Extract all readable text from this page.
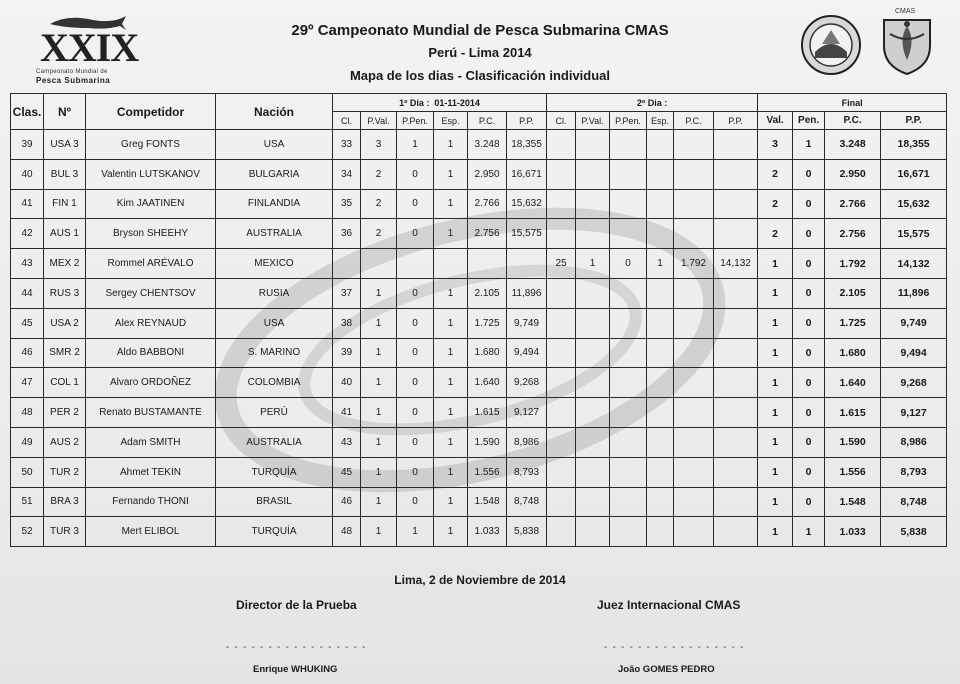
XXIX
Campeonato Mundial de
Pesca Submarina
CMAS
29º Campeonato Mundial de Pesca Submarina CMAS
Perú - Lima 2014
Mapa de los dias - Clasificación individual
Clas.	Nº	Competidor	Nación	1º Dia : 01-11-2014						2º Dia :						Final			
				Cl.	P.Val.	P.Pen.	Esp.	P.C.	P.P.	Cl.	P.Val.	P.Pen.	Esp.	P.C.	P.P.	Val.	Pen.	P.C.	P.P.
39	USA 3	Greg FONTS	USA	33	3	1	1	3.248	18,355							3	1	3.248	18,355
40	BUL 3	Valentin LUTSKANOV	BULGARIA	34	2	0	1	2.950	16,671							2	0	2.950	16,671
41	FIN 1	Kim JAATINEN	FINLANDIA	35	2	0	1	2.766	15,632							2	0	2.766	15,632
42	AUS 1	Bryson SHEEHY	AUSTRALIA	36	2	0	1	2.756	15,575							2	0	2.756	15,575
43	MEX 2	Rommel ARÉVALO	MEXICO							25	1	0	1	1.792	14,132	1	0	1.792	14,132
44	RUS 3	Sergey CHENTSOV	RUSIA	37	1	0	1	2.105	11,896							1	0	2.105	11,896
45	USA 2	Alex REYNAUD	USA	38	1	0	1	1.725	9,749							1	0	1.725	9,749
46	SMR 2	Aldo BABBONI	S. MARINO	39	1	0	1	1.680	9,494							1	0	1.680	9,494
47	COL 1	Alvaro ORDOÑEZ	COLOMBIA	40	1	0	1	1.640	9,268							1	0	1.640	9,268
48	PER 2	Renato BUSTAMANTE	PERÚ	41	1	0	1	1.615	9,127							1	0	1.615	9,127
49	AUS 2	Adam SMITH	AUSTRALIA	43	1	0	1	1.590	8,986							1	0	1.590	8,986
50	TUR 2	Ahmet TEKIN	TURQUÍA	45	1	0	1	1.556	8,793							1	0	1.556	8,793
51	BRA 3	Fernando THONI	BRASIL	46	1	0	1	1.548	8,748							1	0	1.548	8,748
52	TUR 3	Mert ELIBOL	TURQUÍA	48	1	1	1	1.033	5,838							1	1	1.033	5,838
Lima, 2 de Noviembre de 2014
Director de la Prueba	Juez Internacional CMAS
- - - - - - - - - - - - - - - - -	- - - - - - - - - - - - - - - - -
Enrique WHUKING	João GOMES PEDRO
